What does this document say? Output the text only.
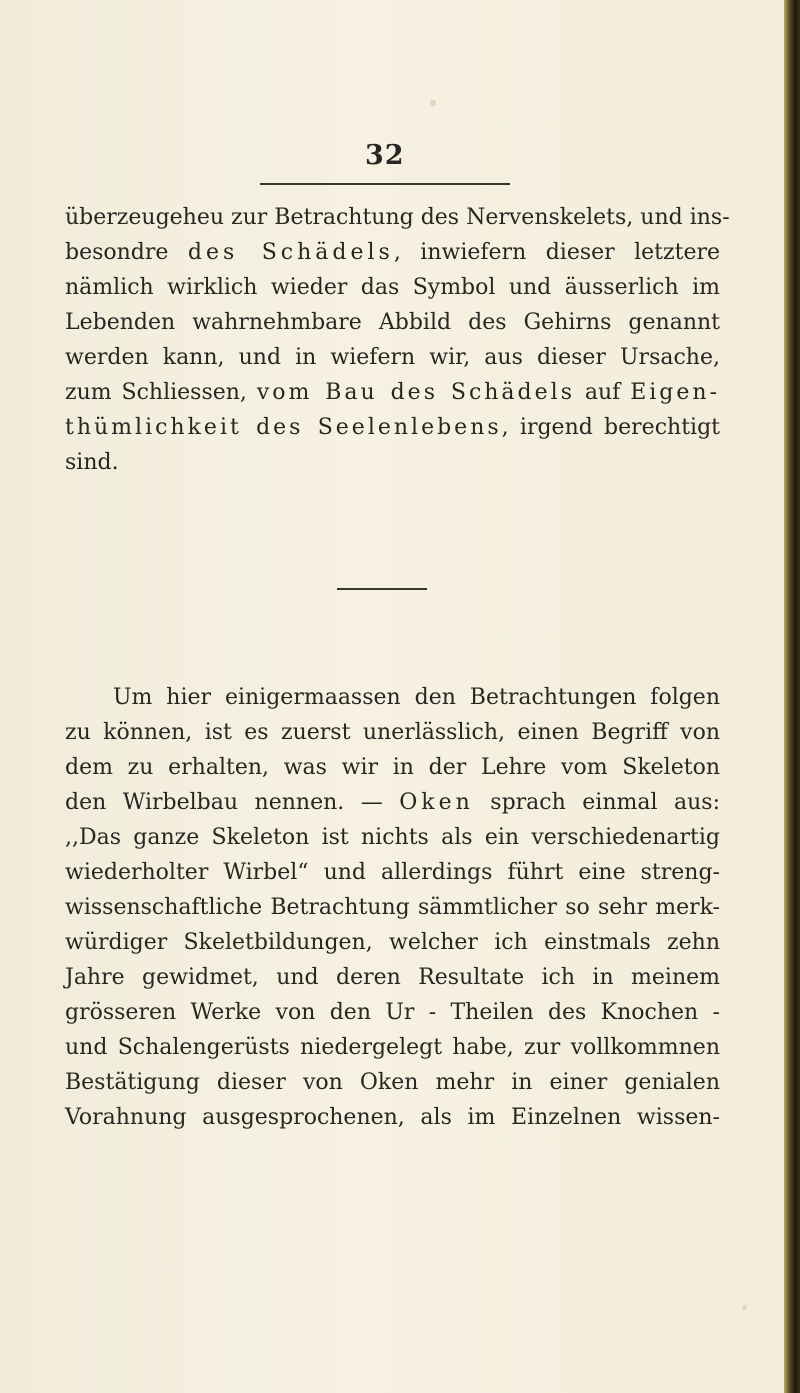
32
überzeugeheu zur Betrachtung des Nervenskelets, und ins-
besondre des Schädels, inwiefern dieser letztere
nämlich wirklich wieder das Symbol und äusserlich im
Lebenden wahrnehmbare Abbild des Gehirns genannt
werden kann, und in wiefern wir, aus dieser Ursache,
zum Schliessen, vom Bau des Schädels auf Eigen-
thümlichkeit des Seelenlebens, irgend berechtigt
sind.
Um hier einigermaassen den Betrachtungen folgen
zu können, ist es zuerst unerlässlich, einen Begriff von
dem zu erhalten, was wir in der Lehre vom Skeleton
den Wirbelbau nennen. — Oken sprach einmal aus:
,,Das ganze Skeleton ist nichts als ein verschiedenartig
wiederholter Wirbel“ und allerdings führt eine streng-
wissenschaftliche Betrachtung sämmtlicher so sehr merk-
würdiger Skeletbildungen, welcher ich einstmals zehn
Jahre gewidmet, und deren Resultate ich in meinem
grösseren Werke von den Ur - Theilen des Knochen -
und Schalengerüsts niedergelegt habe, zur vollkommnen
Bestätigung dieser von Oken mehr in einer genialen
Vorahnung ausgesprochenen, als im Einzelnen wissen-
